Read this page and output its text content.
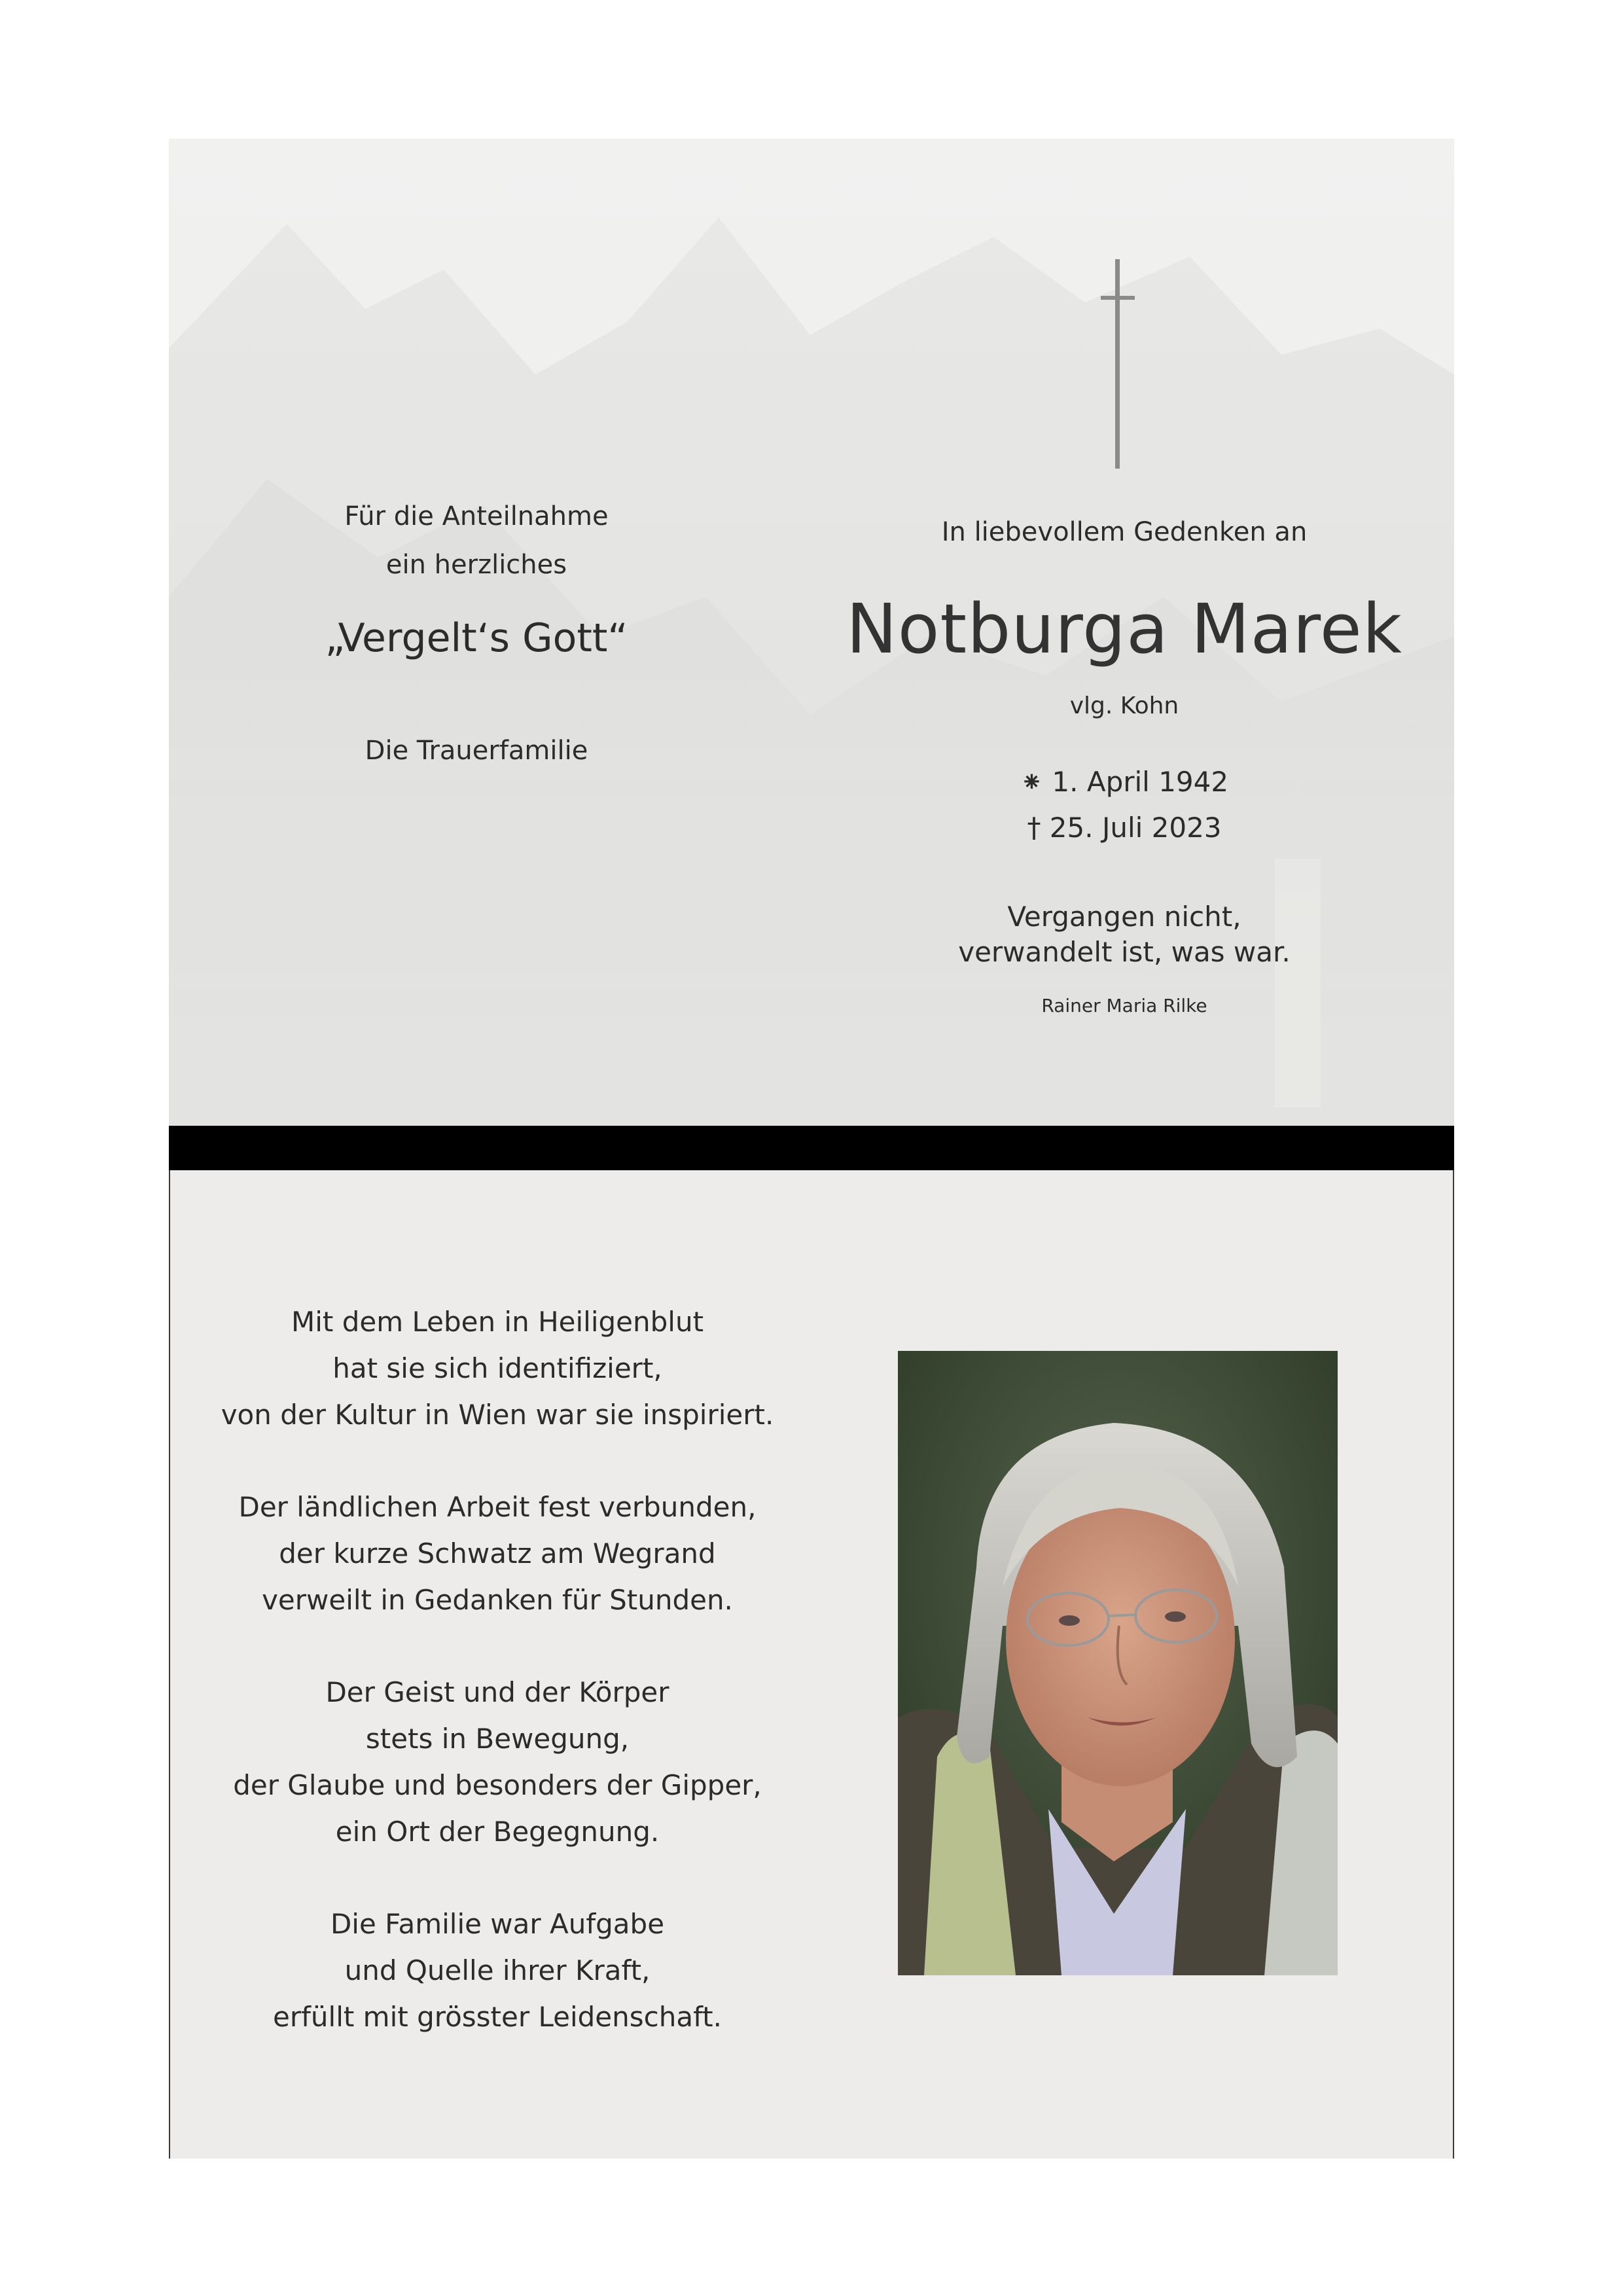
Für die Anteilnahme
ein herzliches
„Vergelt‘s Gott“
Die Trauerfamilie
In liebevollem Gedenken an
Notburga Marek
vlg. Kohn
⁕ 1. April 1942
† 25. Juli 2023
Vergangen nicht,
verwandelt ist, was war.
Rainer Maria Rilke
Mit dem Leben in Heiligenblut
hat sie sich identifiziert,
von der Kultur in Wien war sie inspiriert.
Der ländlichen Arbeit fest verbunden,
der kurze Schwatz am Wegrand
verweilt in Gedanken für Stunden.
Der Geist und der Körper
stets in Bewegung,
der Glaube und besonders der Gipper,
ein Ort der Begegnung.
Die Familie war Aufgabe
und Quelle ihrer Kraft,
erfüllt mit grösster Leidenschaft.
